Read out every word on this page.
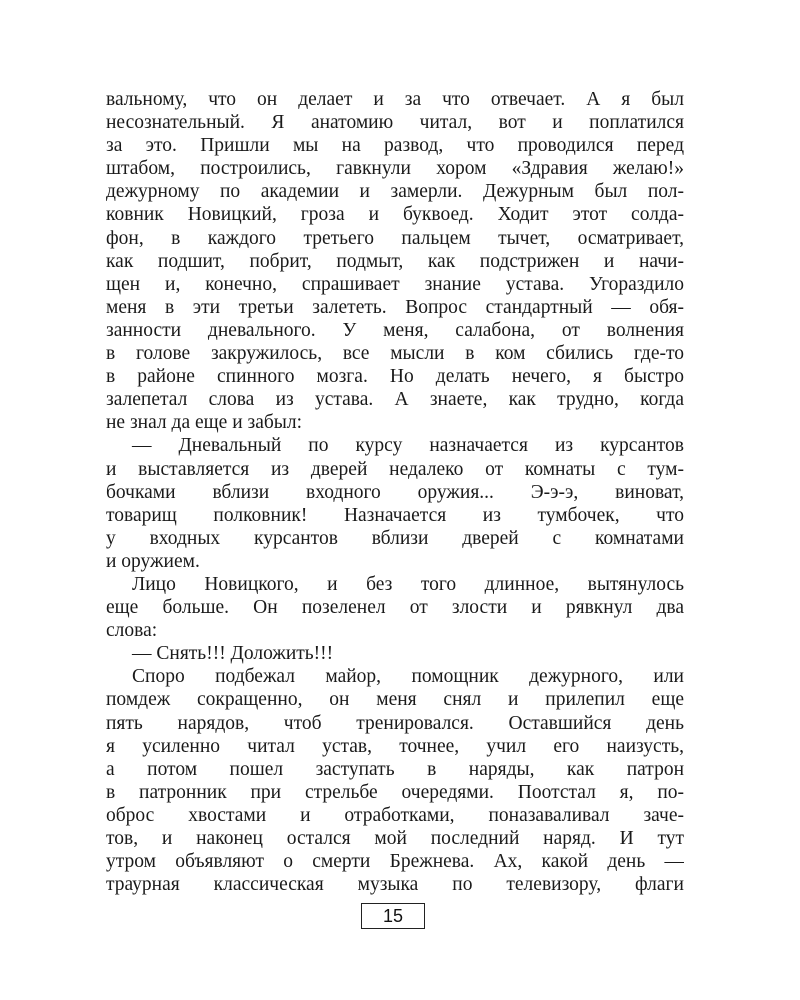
вальному, что он делает и за что отвечает. А я был
несознательный. Я анатомию читал, вот и поплатился
за это. Пришли мы на развод, что проводился перед
штабом, построились, гавкнули хором «Здравия желаю!»
дежурному по академии и замерли. Дежурным был пол-
ковник Новицкий, гроза и буквоед. Ходит этот солда-
фон, в каждого третьего пальцем тычет, осматривает,
как подшит, побрит, подмыт, как подстрижен и начи-
щен и, конечно, спрашивает знание устава. Угораздило
меня в эти третьи залететь. Вопрос стандартный — обя-
занности дневального. У меня, салабона, от волнения
в голове закружилось, все мысли в ком сбились где-то
в районе спинного мозга. Но делать нечего, я быстро
залепетал слова из устава. А знаете, как трудно, когда
не знал да еще и забыл:
— Дневальный по курсу назначается из курсантов
и выставляется из дверей недалеко от комнаты с тум-
бочками вблизи входного оружия... Э-э-э, виноват,
товарищ полковник! Назначается из тумбочек, что
у входных курсантов вблизи дверей с комнатами
и оружием.
Лицо Новицкого, и без того длинное, вытянулось
еще больше. Он позеленел от злости и рявкнул два
слова:
— Снять!!! Доложить!!!
Споро подбежал майор, помощник дежурного, или
помдеж сокращенно, он меня снял и прилепил еще
пять нарядов, чтоб тренировался. Оставшийся день
я усиленно читал устав, точнее, учил его наизусть,
а потом пошел заступать в наряды, как патрон
в патронник при стрельбе очередями. Поотстал я, по-
оброс хвостами и отработками, поназаваливал заче-
тов, и наконец остался мой последний наряд. И тут
утром объявляют о смерти Брежнева. Ах, какой день —
траурная классическая музыка по телевизору, флаги
15
